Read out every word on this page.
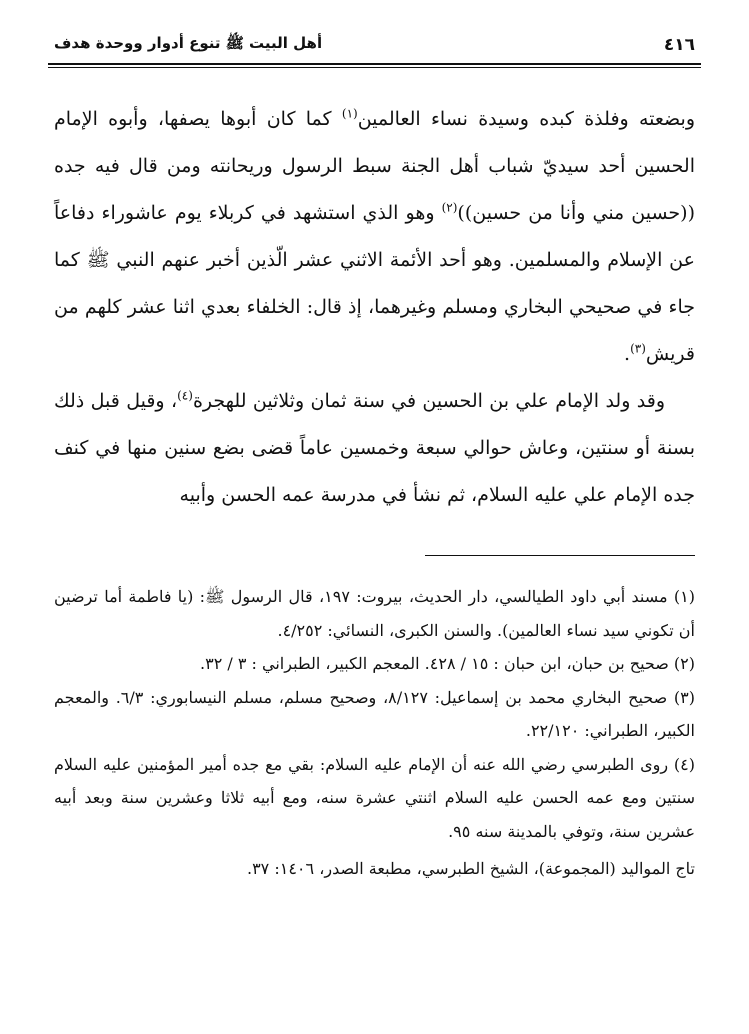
٤١٦
أهل البيت ﷺ تنوع أدوار ووحدة هدف

وبضعته وفلذة كبده وسيدة نساء العالمين$^{(١)}$ كما كان أبوها يصفها، وأبوه الإمام الحسين أحد سيديّ شباب أهل الجنة سبط الرسول وريحانته ومن قال فيه جده ((حسين مني وأنا من حسين))$^{(٢)}$ وهو الذي استشهد في كربلاء يوم عاشوراء دفاعاً عن الإسلام والمسلمين. وهو أحد الأئمة الاثني عشر الّذين أخبر عنهم النبي ﷺ كما جاء في صحيحي البخاري ومسلم وغيرهما، إذ قال: الخلفاء بعدي اثنا عشر كلهم من قريش$^{(٣)}$.

وقد ولد الإمام علي بن الحسين في سنة ثمان وثلاثين للهجرة$^{(٤)}$، وقيل قبل ذلك بسنة أو سنتين، وعاش حوالي سبعة وخمسين عاماً قضى بضع سنين منها في كنف جده الإمام علي عليه السلام، ثم نشأ في مدرسة عمه الحسن وأبيه

(١) مسند أبي داود الطيالسي، دار الحديث، بيروت: ١٩٧، قال الرسول ﷺ: (يا فاطمة أما ترضين أن تكوني سيد نساء العالمين). والسنن الكبرى، النسائي: ٤/٢٥٢.

(٢) صحيح بن حبان، ابن حبان : ١٥ / ٤٢٨. المعجم الكبير، الطبراني : ٣ / ٣٢.

(٣) صحيح البخاري محمد بن إسماعيل: ٨/١٢٧، وصحيح مسلم، مسلم النيسابوري: ٦/٣. والمعجم الكبير، الطبراني: ٢٢/١٢٠.

(٤) روى الطبرسي رضي الله عنه أن الإمام عليه السلام: بقي مع جده أمير المؤمنين عليه السلام سنتين ومع عمه الحسن عليه السلام اثنتي عشرة سنه، ومع أبيه ثلاثا وعشرين سنة وبعد أبيه عشرين سنة، وتوفي بالمدينة سنه ٩٥.

تاج المواليد (المجموعة)، الشيخ الطبرسي، مطبعة الصدر، ١٤٠٦: ٣٧.
